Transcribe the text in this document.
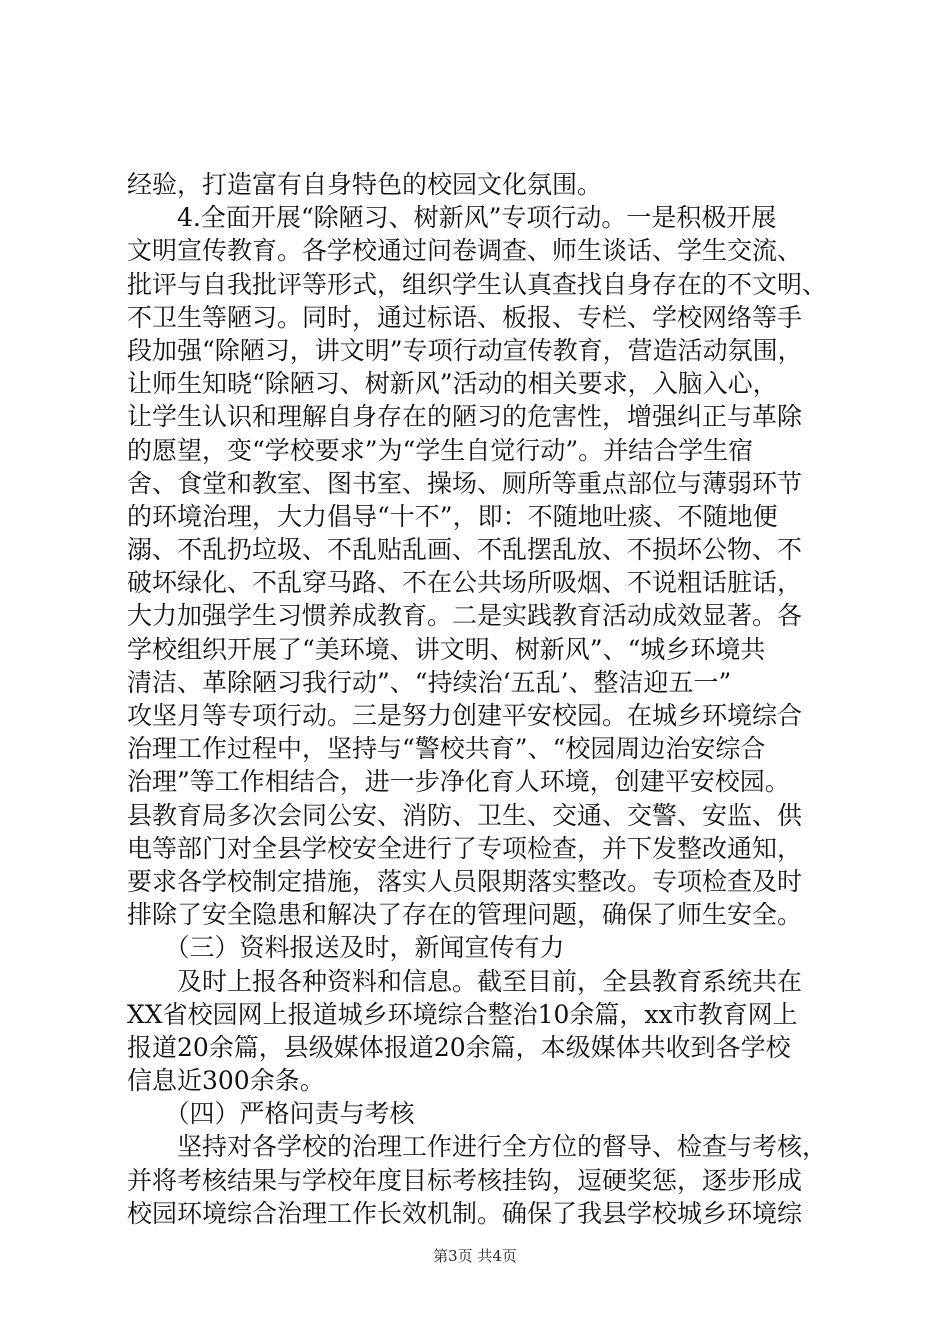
经验，打造富有自身特色的校园文化氛围。
　　4.全面开展“除陋习、树新风”专项行动。一是积极开展
文明宣传教育。各学校通过问卷调查、师生谈话、学生交流、
批评与自我批评等形式，组织学生认真查找自身存在的不文明、
不卫生等陋习。同时，通过标语、板报、专栏、学校网络等手
段加强“除陋习，讲文明”专项行动宣传教育，营造活动氛围，
让师生知晓“除陋习、树新风”活动的相关要求，入脑入心，
让学生认识和理解自身存在的陋习的危害性，增强纠正与革除
的愿望，变“学校要求”为“学生自觉行动”。并结合学生宿
舍、食堂和教室、图书室、操场、厕所等重点部位与薄弱环节
的环境治理，大力倡导“十不”，即：不随地吐痰、不随地便
溺、不乱扔垃圾、不乱贴乱画、不乱摆乱放、不损坏公物、不
破坏绿化、不乱穿马路、不在公共场所吸烟、不说粗话脏话，
大力加强学生习惯养成教育。二是实践教育活动成效显著。各
学校组织开展了“美环境、讲文明、树新风”、“城乡环境共
清洁、革除陋习我行动”、“持续治‘五乱’、整洁迎五一”
攻坚月等专项行动。三是努力创建平安校园。在城乡环境综合
治理工作过程中，坚持与“警校共育”、“校园周边治安综合
治理”等工作相结合，进一步净化育人环境，创建平安校园。
县教育局多次会同公安、消防、卫生、交通、交警、安监、供
电等部门对全县学校安全进行了专项检查，并下发整改通知，
要求各学校制定措施，落实人员限期落实整改。专项检查及时
排除了安全隐患和解决了存在的管理问题，确保了师生安全。
　　（三）资料报送及时，新闻宣传有力
　　及时上报各种资料和信息。截至目前，全县教育系统共在
XX省校园网上报道城乡环境综合整治10余篇，xx市教育网上
报道20余篇，县级媒体报道20余篇，本级媒体共收到各学校
信息近300余条。
　　（四）严格问责与考核
　　坚持对各学校的治理工作进行全方位的督导、检查与考核，
并将考核结果与学校年度目标考核挂钩，逗硬奖惩，逐步形成
校园环境综合治理工作长效机制。确保了我县学校城乡环境综
第3页 共4页
